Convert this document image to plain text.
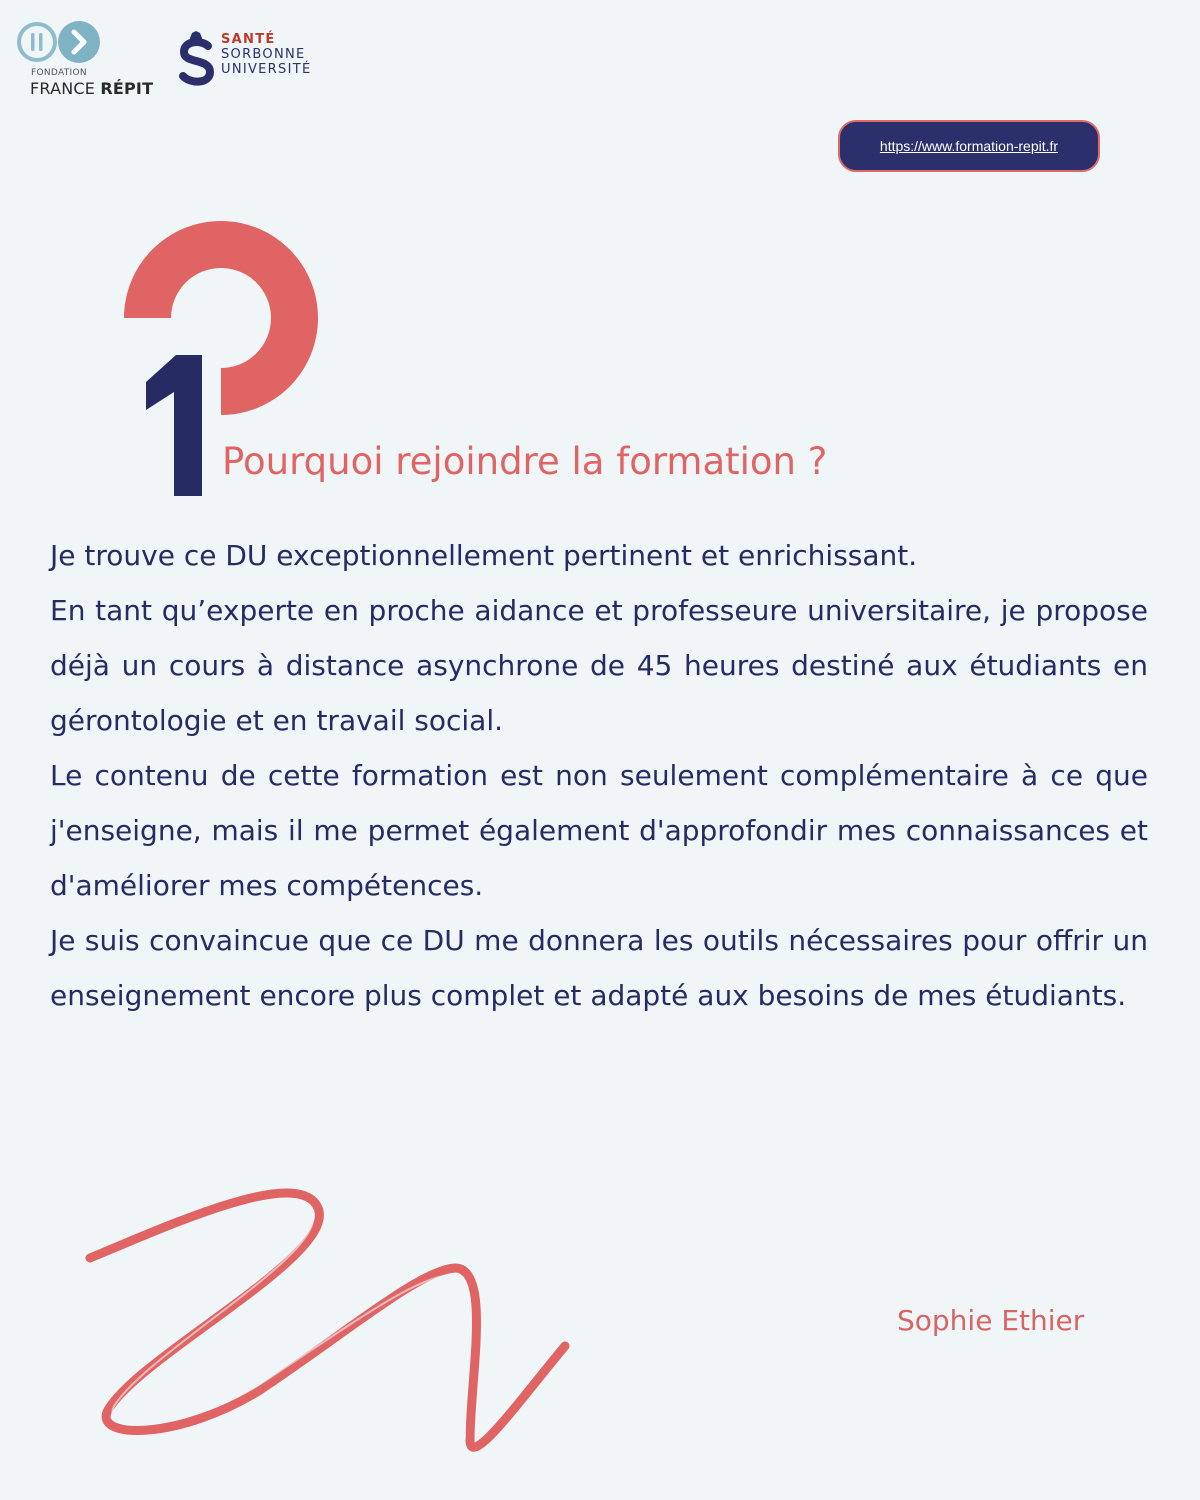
FONDATION
FRANCE RÉPIT
SANTÉ
SORBONNE
UNIVERSITÉ
https://www.formation-repit.fr
Pourquoi rejoindre la formation ?

Je trouve ce DU exceptionnellement pertinent et enrichissant.

En tant qu’experte en proche aidance et professeure universitaire, je propose déjà un cours à distance asynchrone de 45 heures destiné aux étudiants en gérontologie et en travail social.

Le contenu de cette formation est non seulement complémentaire à ce que j'enseigne, mais il me permet également d'approfondir mes connaissances et d'améliorer mes compétences.

Je suis convaincue que ce DU me donnera les outils nécessaires pour offrir un enseignement encore plus complet et adapté aux besoins de mes étudiants.

Sophie Ethier
